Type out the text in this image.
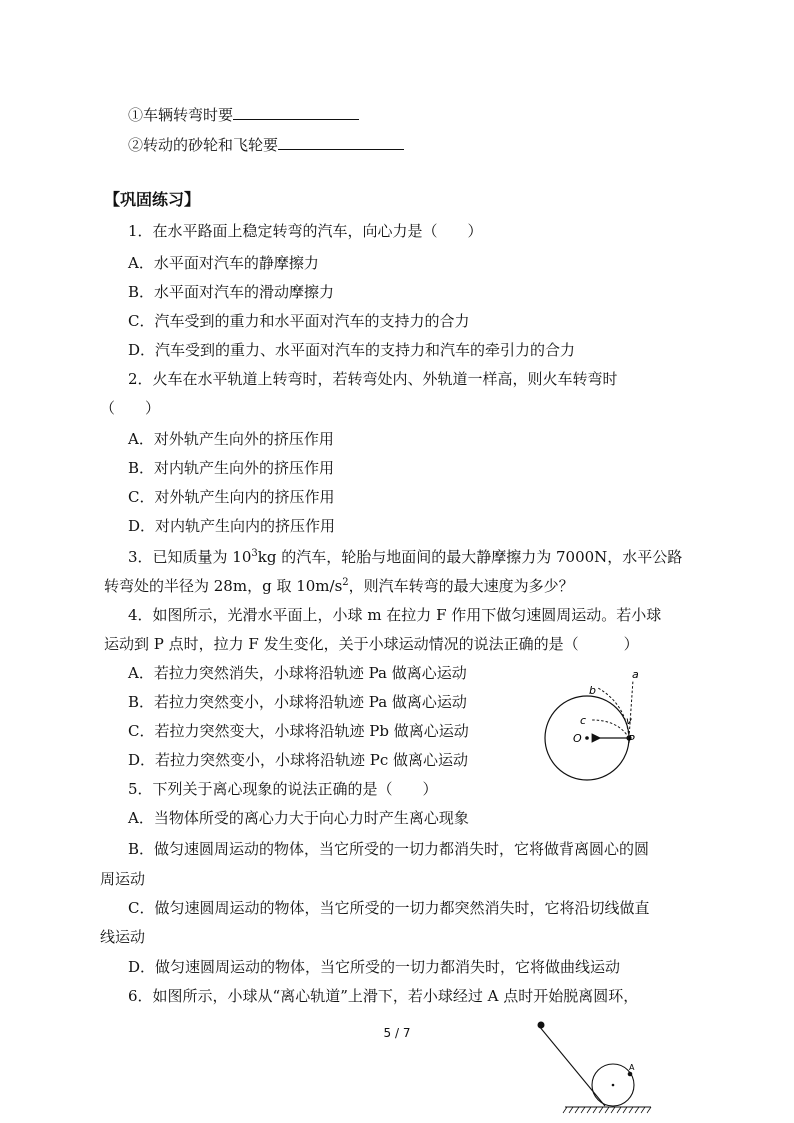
①车辆转弯时要
②转动的砂轮和飞轮要
【巩固练习】
1．在水平路面上稳定转弯的汽车，向心力是（　　）
A．水平面对汽车的静摩擦力
B．水平面对汽车的滑动摩擦力
C．汽车受到的重力和水平面对汽车的支持力的合力
D．汽车受到的重力、水平面对汽车的支持力和汽车的牵引力的合力
2．火车在水平轨道上转弯时，若转弯处内、外轨道一样高，则火车转弯时
（　　）
A．对外轨产生向外的挤压作用
B．对内轨产生向外的挤压作用
C．对外轨产生向内的挤压作用
D．对内轨产生向内的挤压作用
3．已知质量为 $10^3kg$ 的汽车，轮胎与地面间的最大静摩擦力为 7000N，水平公路
转弯处的半径为 28m，g 取 $10m/s^2$，则汽车转弯的最大速度为多少？
4．如图所示，光滑水平面上，小球 m 在拉力 F 作用下做匀速圆周运动。若小球
运动到 P 点时，拉力 F 发生变化，关于小球运动情况的说法正确的是（　　　）
A．若拉力突然消失，小球将沿轨迹 Pa 做离心运动
B．若拉力突然变小，小球将沿轨迹 Pa 做离心运动
C．若拉力突然变大，小球将沿轨迹 Pb 做离心运动
D．若拉力突然变小，小球将沿轨迹 Pc 做离心运动
a
b
c	v
O	P
5．下列关于离心现象的说法正确的是（　　）
A．当物体所受的离心力大于向心力时产生离心现象
B．做匀速圆周运动的物体，当它所受的一切力都消失时，它将做背离圆心的圆
周运动
C．做匀速圆周运动的物体，当它所受的一切力都突然消失时，它将沿切线做直
线运动
D．做匀速圆周运动的物体，当它所受的一切力都消失时，它将做曲线运动
6．如图所示，小球从“离心轨道”上滑下，若小球经过 A 点时开始脱离圆环，
5 / 7
A
